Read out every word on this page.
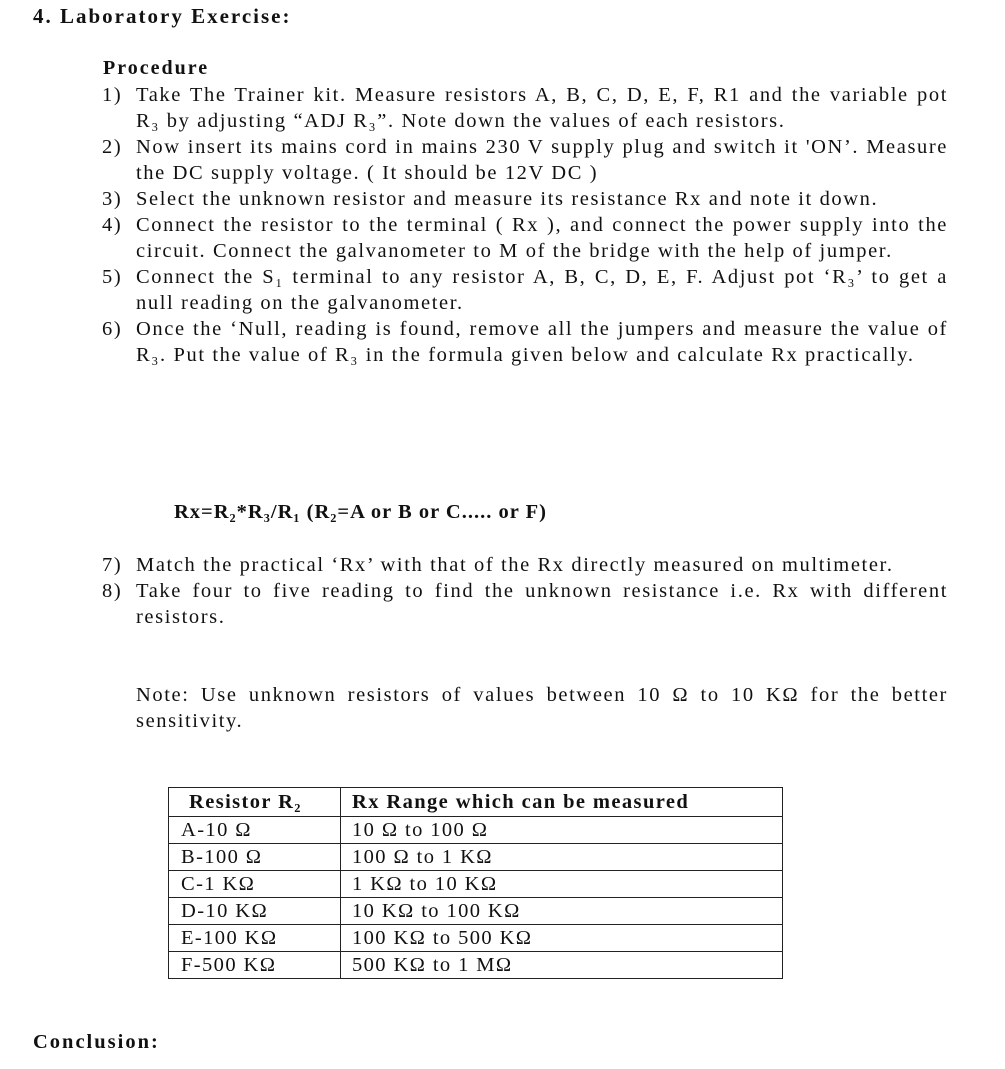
4. Laboratory Exercise:
Procedure
1) Take The Trainer kit. Measure resistors A, B, C, D, E, F, R1 and the variable pot R₃ by adjusting “ADJ R₃”. Note down the values of each resistors.
2) Now insert its mains cord in mains 230 V supply plug and switch it 'ON’. Measure the DC supply voltage. ( It should be 12V DC )
3) Select the unknown resistor and measure its resistance Rx and note it down.
4) Connect the resistor to the terminal ( Rx ), and connect the power supply into the circuit. Connect the galvanometer to M of the bridge with the help of jumper.
5) Connect the S₁ terminal to any resistor A, B, C, D, E, F. Adjust pot ‘R₃’ to get a null reading on the galvanometer.
6) Once the ‘Null, reading is found, remove all the jumpers and measure the value of R₃. Put the value of R₃ in the formula given below and calculate Rx practically.
Rx=R₂*R₃/R₁ (R₂=A or B or C..... or F)
7) Match the practical ‘Rx’ with that of the Rx directly measured on multimeter.
8) Take four to five reading to find the unknown resistance i.e. Rx with different resistors.
Note: Use unknown resistors of values between 10 Ω to 10 KΩ for the better sensitivity.
Resistor R₂	Rx Range which can be measured
A-10 Ω	10 Ω to 100 Ω
B-100 Ω	100 Ω to 1 KΩ
C-1 KΩ	1 KΩ to 10 KΩ
D-10 KΩ	10 KΩ to 100 KΩ
E-100 KΩ	100 KΩ to 500 KΩ
F-500 KΩ	500 KΩ to 1 MΩ
Conclusion:
